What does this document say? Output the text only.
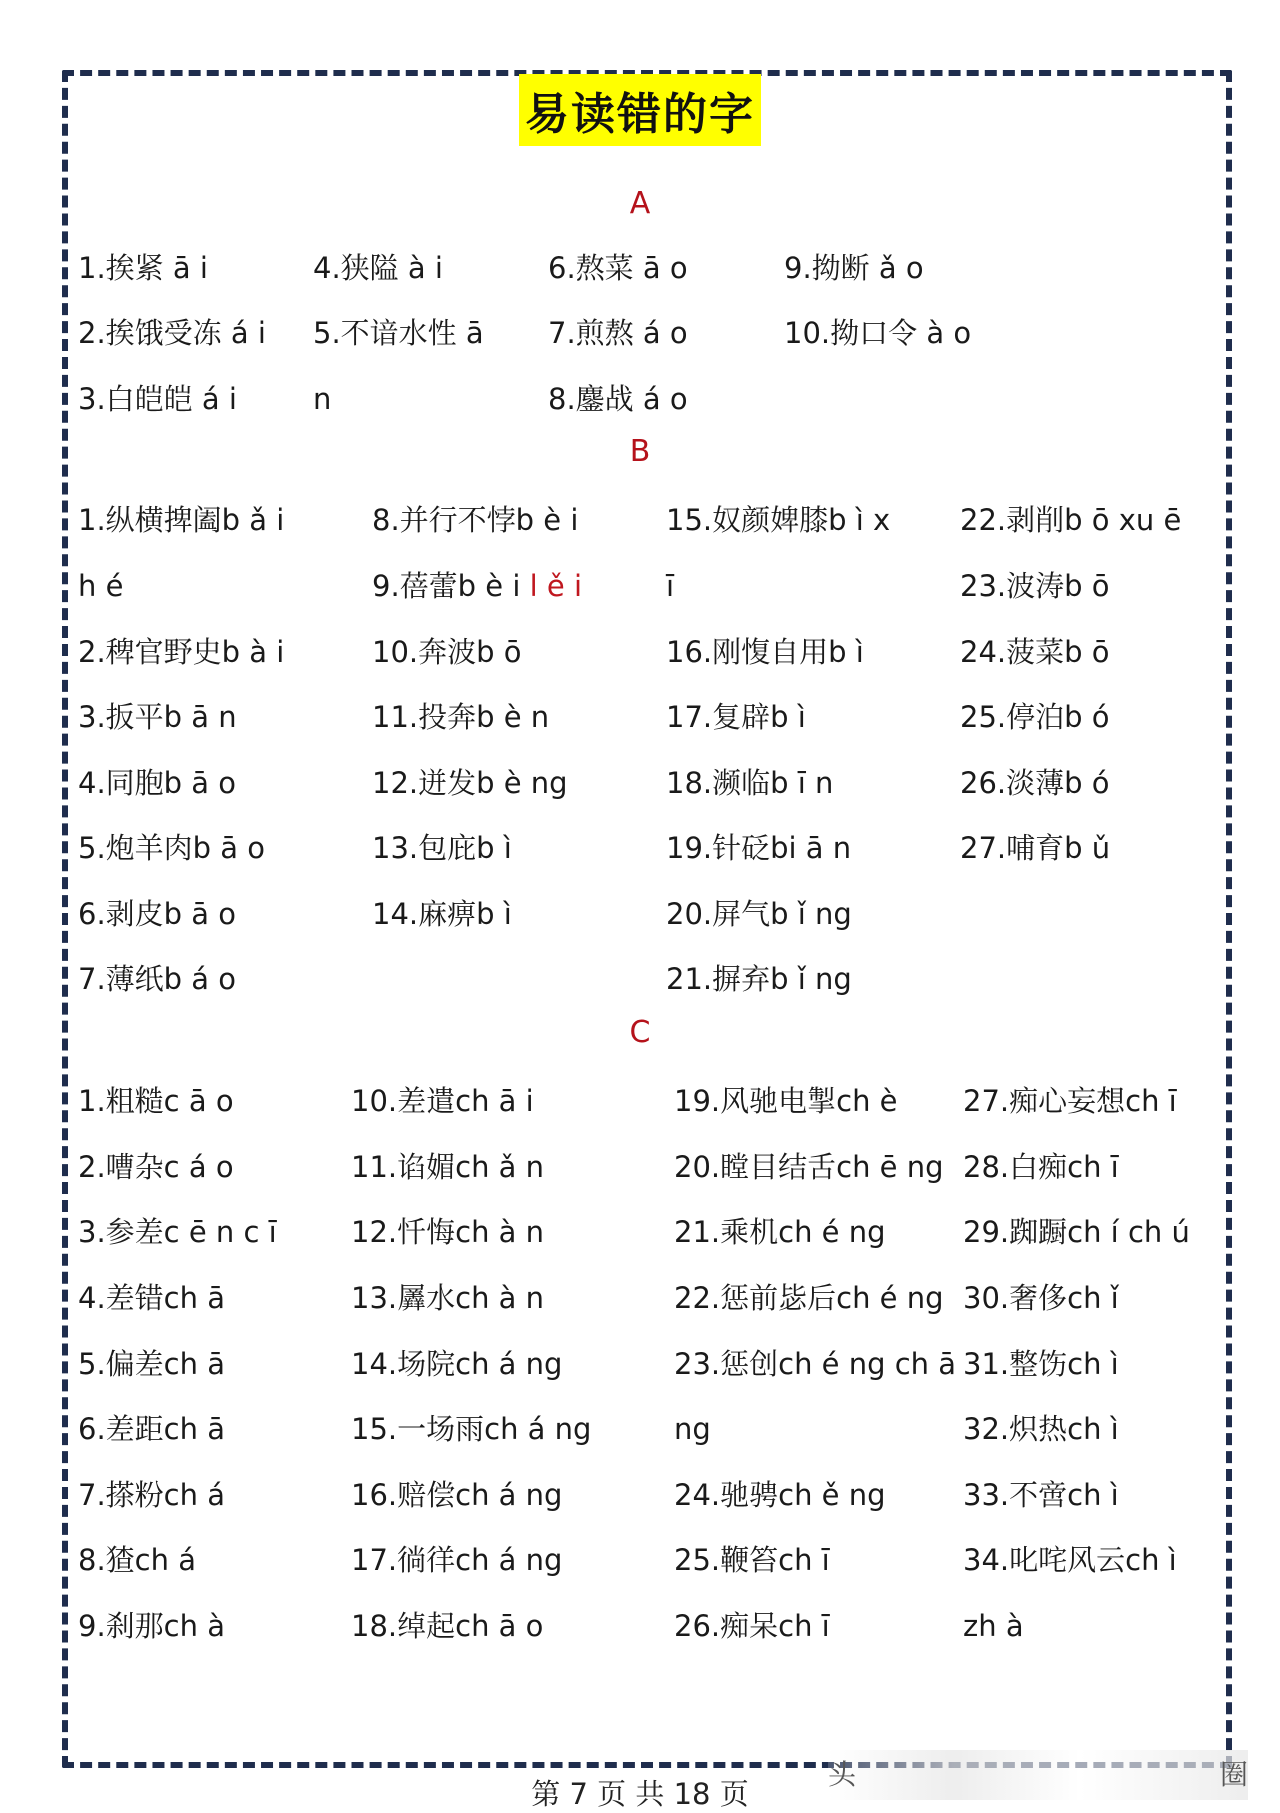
易读错的字
A
1.挨紧 ā i
2.挨饿受冻 á i
3.白皑皑 á i
4.狭隘 à i
5.不谙水性 ā
n
6.熬菜 ā o
7.煎熬 á o
8.鏖战 á o
9.拗断 ǎ o
10.拗口令 à o
B
1.纵横捭阖b ǎ i
h é
2.稗官野史b à i
3.扳平b ā n
4.同胞b ā o
5.炮羊肉b ā o
6.剥皮b ā o
7.薄纸b á o
8.并行不悖b è i
9.蓓蕾b è i l ě i
10.奔波b ō
11.投奔b è n
12.迸发b è ng
13.包庇b ì
14.麻痹b ì
15.奴颜婢膝b ì x
ī
16.刚愎自用b ì
17.复辟b ì
18.濒临b ī n
19.针砭bi ā n
20.屏气b ǐ ng
21.摒弃b ǐ ng
22.剥削b ō xu ē
23.波涛b ō
24.菠菜b ō
25.停泊b ó
26.淡薄b ó
27.哺育b ǔ
C
1.粗糙c ā o
2.嘈杂c á o
3.参差c ē n c ī
4.差错ch ā
5.偏差ch ā
6.差距ch ā
7.搽粉ch á
8.猹ch á
9.刹那ch à
10.差遣ch ā i
11.谄媚ch ǎ n
12.忏悔ch à n
13.羼水ch à n
14.场院ch á ng
15.一场雨ch á ng
16.赔偿ch á ng
17.徜徉ch á ng
18.绰起ch ā o
19.风驰电掣ch è
20.瞠目结舌ch ē ng
21.乘机ch é ng
22.惩前毖后ch é ng
23.惩创ch é ng ch ā
ng
24.驰骋ch ě ng
25.鞭笞ch ī
26.痴呆ch ī
27.痴心妄想ch ī
28.白痴ch ī
29.踟蹰ch í ch ú
30.奢侈ch ǐ
31.整饬ch ì
32.炽热ch ì
33.不啻ch ì
34.叱咤风云ch ì
zh à
第 7 页 共 18 页
头	圈
